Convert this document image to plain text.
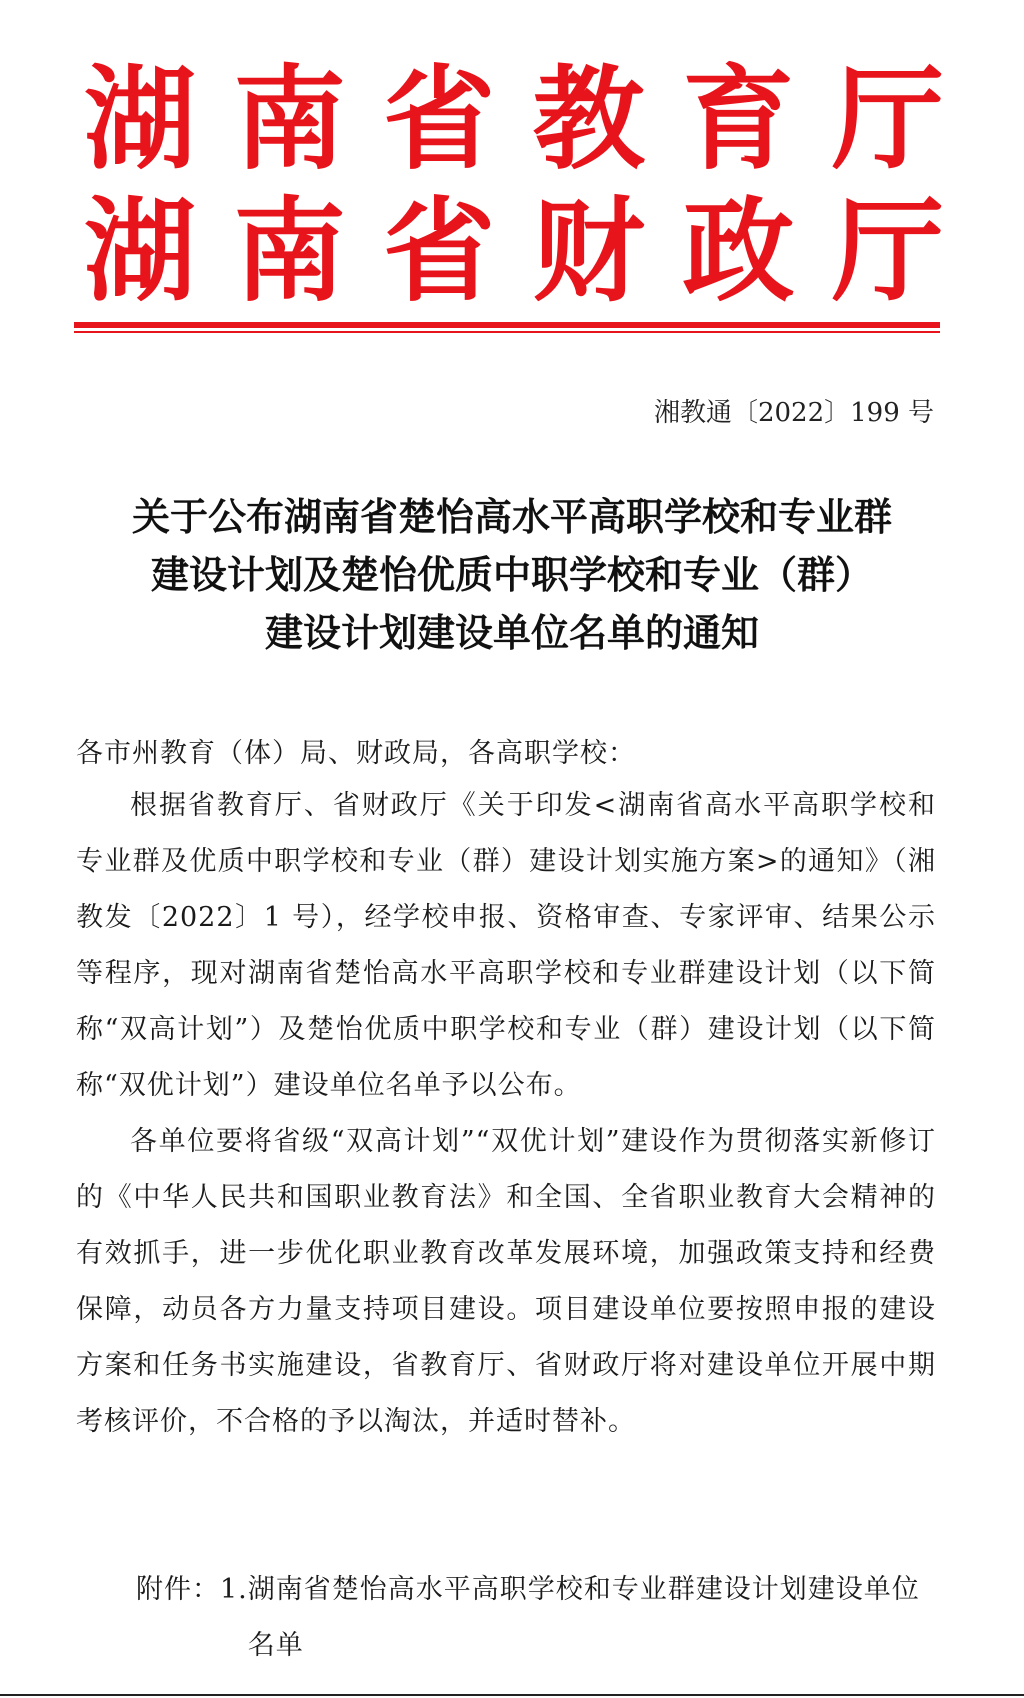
湖 南 省 教 育 厅
湖 南 省 财 政 厅
湘教通〔2022〕199 号
关于公布湖南省楚怡高水平高职学校和专业群
建设计划及楚怡优质中职学校和专业（群）
建设计划建设单位名单的通知
各市州教育（体）局、财政局，各高职学校：
根据省教育厅、省财政厅《关于印发<湖南省高水平高职学校和专业群及优质中职学校和专业（群）建设计划实施方案>的通知》（湘教发〔2022〕1 号），经学校申报、资格审查、专家评审、结果公示等程序，现对湖南省楚怡高水平高职学校和专业群建设计划（以下简称“双高计划”）及楚怡优质中职学校和专业（群）建设计划（以下简称“双优计划”）建设单位名单予以公布。
各单位要将省级“双高计划”“双优计划”建设作为贯彻落实新修订的《中华人民共和国职业教育法》和全国、全省职业教育大会精神的有效抓手，进一步优化职业教育改革发展环境，加强政策支持和经费保障，动员各方力量支持项目建设。项目建设单位要按照申报的建设方案和任务书实施建设，省教育厅、省财政厅将对建设单位开展中期考核评价，不合格的予以淘汰，并适时替补。
附件：1. 湖南省楚怡高水平高职学校和专业群建设计划建设单位名单
